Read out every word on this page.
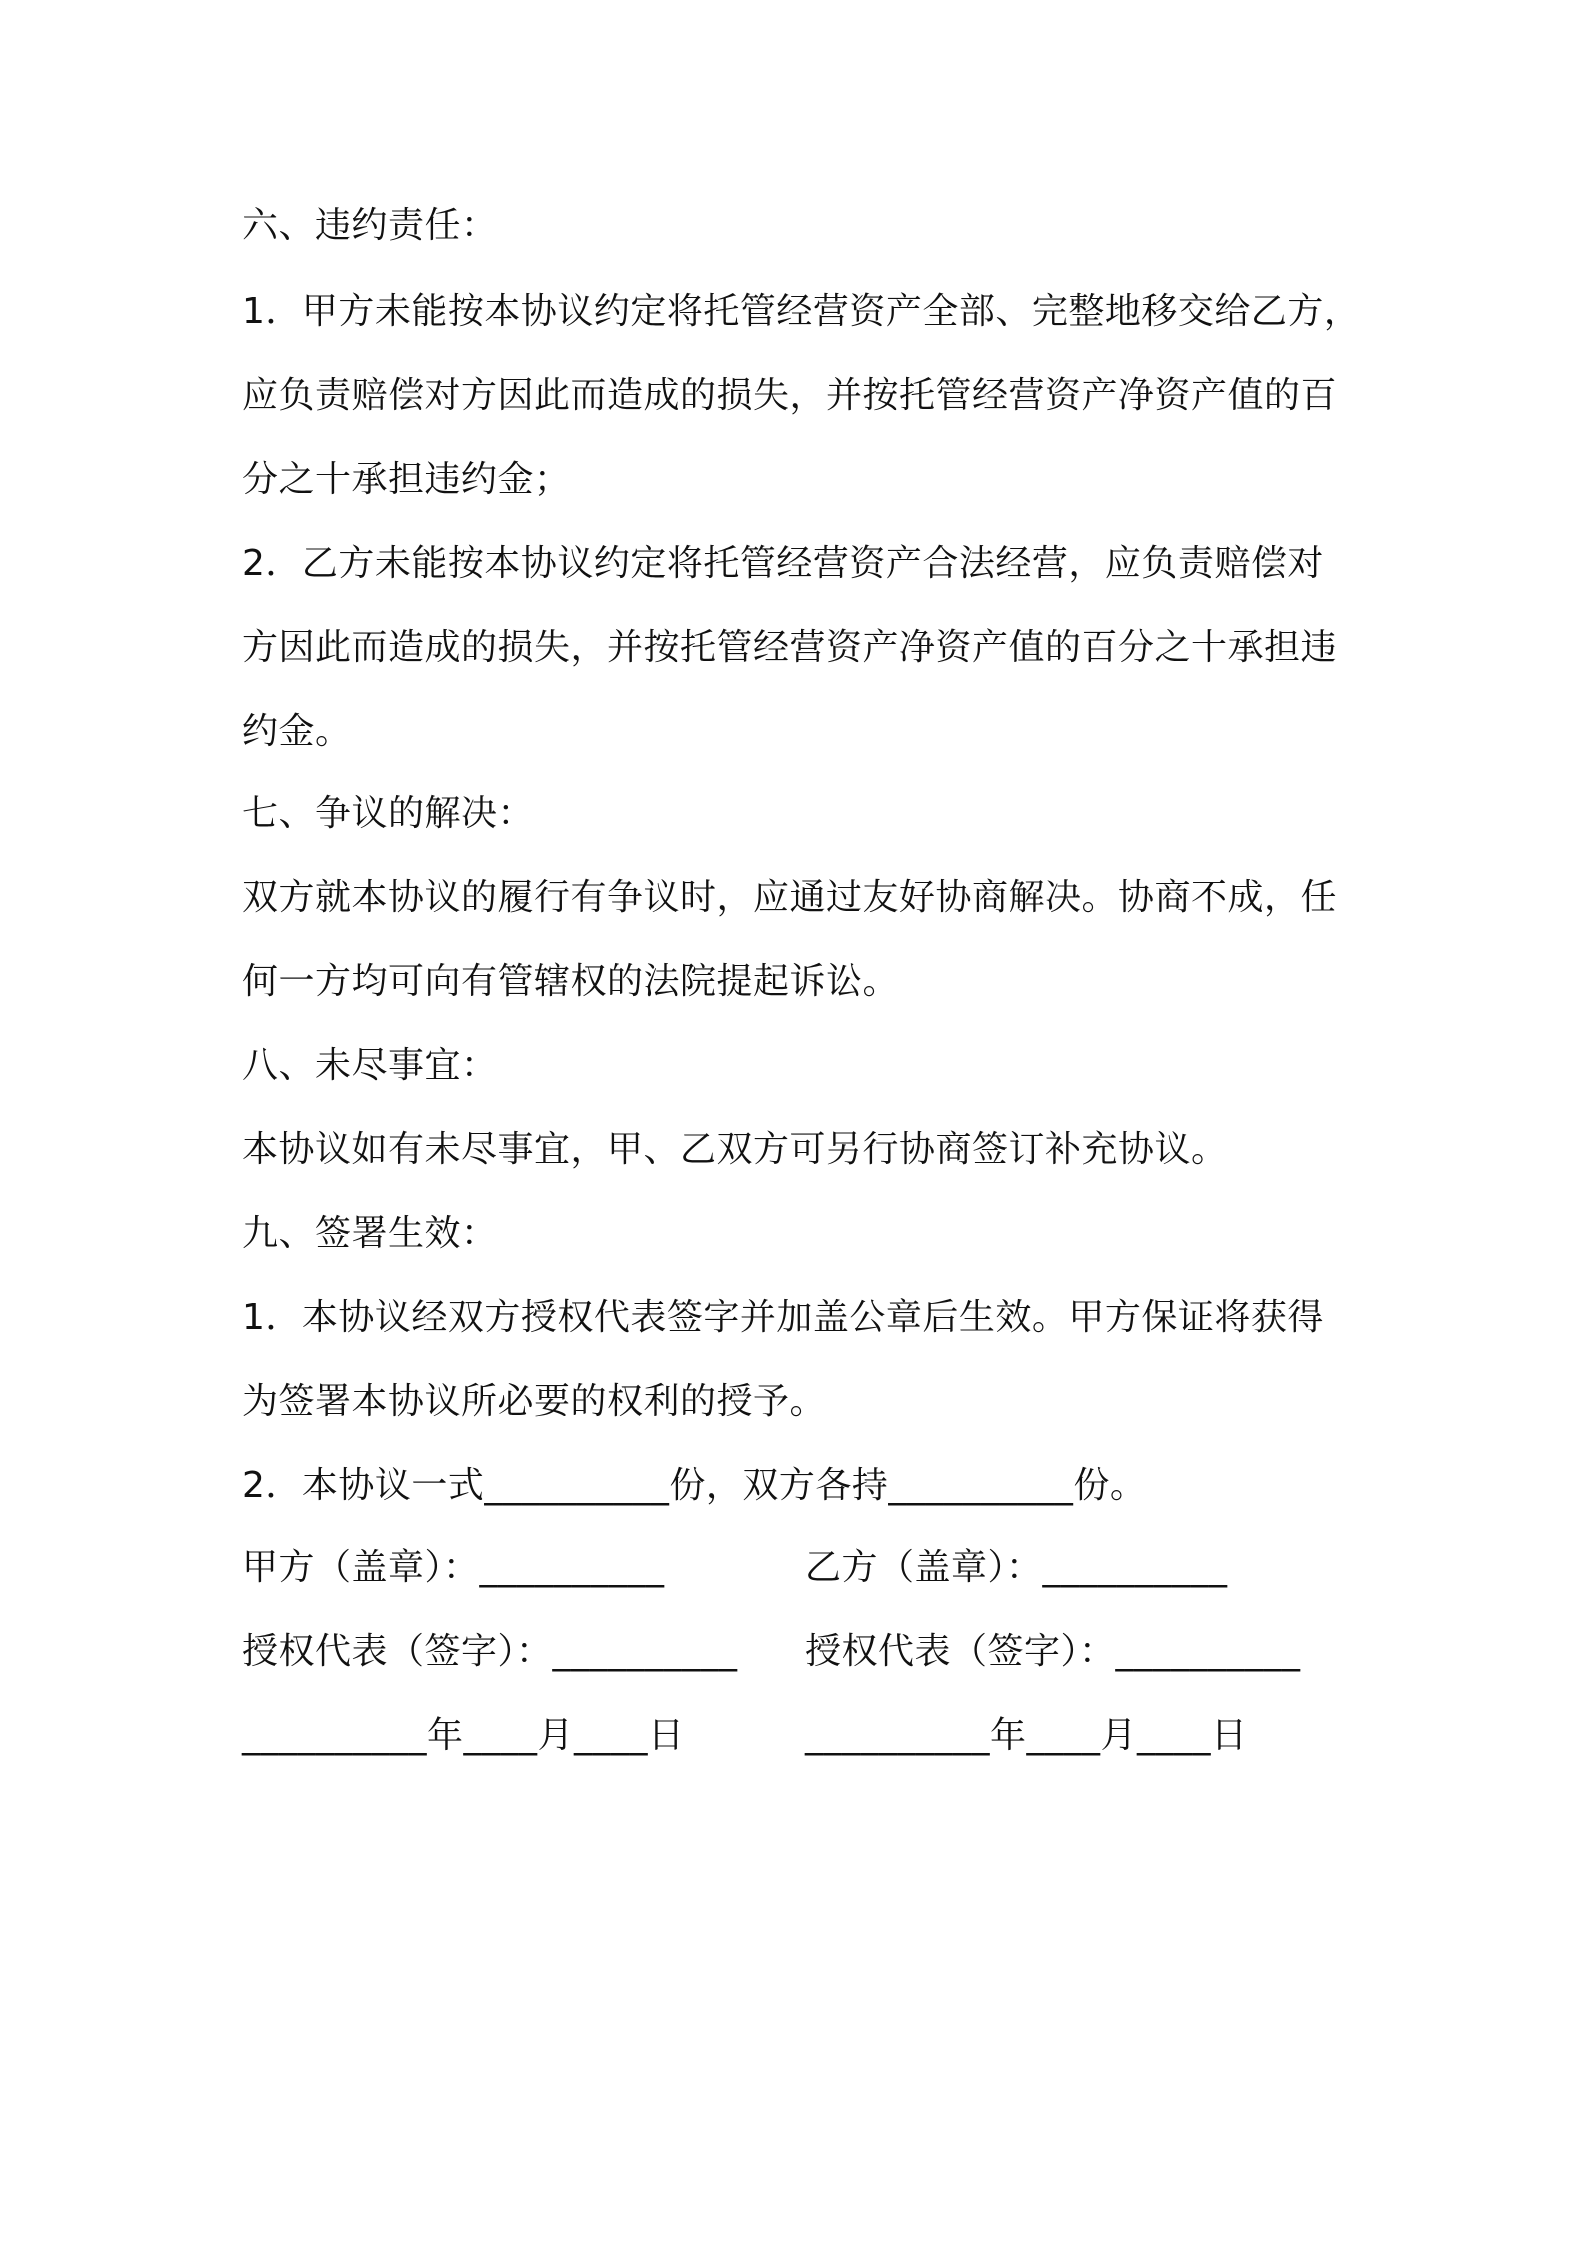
六、违约责任：
1．甲方未能按本协议约定将托管经营资产全部、完整地移交给乙方，
应负责赔偿对方因此而造成的损失，并按托管经营资产净资产值的百
分之十承担违约金；
2．乙方未能按本协议约定将托管经营资产合法经营，应负责赔偿对
方因此而造成的损失，并按托管经营资产净资产值的百分之十承担违
约金。
七、争议的解决：
双方就本协议的履行有争议时，应通过友好协商解决。协商不成，任
何一方均可向有管辖权的法院提起诉讼。
八、未尽事宜：
本协议如有未尽事宜，甲、乙双方可另行协商签订补充协议。
九、签署生效：
1．本协议经双方授权代表签字并加盖公章后生效。甲方保证将获得
为签署本协议所必要的权利的授予。
2．本协议一式__________份，双方各持__________份。
甲方（盖章）：__________	乙方（盖章）：__________
授权代表（签字）：__________ 授权代表（签字）：__________
__________年____月____日	__________年____月____日
